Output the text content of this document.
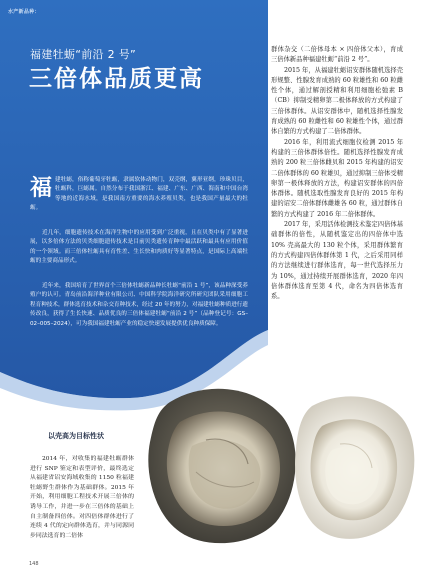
水产新品种：
福建牡蛎“前沿 2 号”
三倍体品质更高

福建牡蛎，俗称葡萄牙牡蛎，隶属软体动物门，双壳纲，翼形亚纲，珍珠贝目，牡蛎科，巨蛎属。自然分布于我国浙江、福建、广东、广西、海南和中国台湾等地的近海水域，是我国南方重要的海水养殖贝类，也是我国产量最大的牡蛎。

近几年，细胞遗传技术在海洋生物中的应用受到广泛重视，且在贝类中有了显著进展，以多倍体方法的贝类细胞遗传技术是目前贝类遗传育种中最活跃和最具有应用价值的一个领域。而三倍体牡蛎具有育性差、生长快和肉质好等显著特点，是国际上高端牡蛎的主要商品形式。

近年来，我国培育了世界首个三倍体牡蛎新品种长牡蛎“前沿 1 号”，该品种深受养殖户的认可。青岛前沿海洋种业有限公司、中国科学院海洋研究所研究团队采用细胞工程育种技术，群体选育技术和杂交育种技术，经过 20 年的努力，对福建牡蛎种质进行遗传改良，获得了生长快速、品质优良的三倍体福建牡蛎“前沿 2 号”（品种登记号：GS–02–005–2024），可为我国福建牡蛎产业的稳定快速发展提供优良种质保障。

群体杂交（二倍体母本 × 四倍体父本），育成三倍体新品种福建牡蛎“前沿 2 号”。

2015 年，从福建牡蛎诏安群体随机选择壳形规整、性腺发育成熟的 60 粒雄性和 60 粒雌性个体，通过解剖授精和利用细胞松弛素 B（CB）抑制受精卵第二极体释放的方式构建了三倍体群体。从诏安群体中，随机选择性腺发育成熟的 60 粒雌性和 60 粒雄性个体，通过群体自繁的方式构建了二倍体群体。

2016 年，利用流式细胞仪检测 2015 年构建的三倍体群体倍性。随机选择性腺发育成熟的 200 粒三倍体雌贝和 2015 年构建的诏安二倍体群体的 60 粒雄贝，通过抑制三倍体受精卵第一极体释放的方法，构建诏安群体的四倍体群体。随机选取性腺发育良好的 2015 年构建的诏安二倍体群体雌雄各 60 粒，通过群体自繁的方式构建了 2016 年二倍体群体。

2017 年，采用活体检测技术鉴定四倍体基础群体的倍性，从随机鉴定出的四倍体中选 10% 壳高最大的 130 粒个体，采用群体繁育的方式构建四倍体群体第 1 代，之后采用同样的方法继续进行群体选育，每一世代选择压力为 10%，通过持续开展群体选育，2020 年四倍体群体选育至第 4 代，命名为四倍体选育系。

以壳高为目标性状

2014 年，对收集的福建牡蛎群体进行 SNP 鉴定和表型评价，最终选定从福建省诏安海域收集的 1150 粒福建牡蛎野生群体作为基础群体。2015 年开始，利用细胞工程技术开展三倍体的诱导工作，并进一步在三倍体的基础上自主制备四倍体。对四倍体群体进行了连续 4 代的定向群体选育，并与同源同步同法选育的二倍体

148
